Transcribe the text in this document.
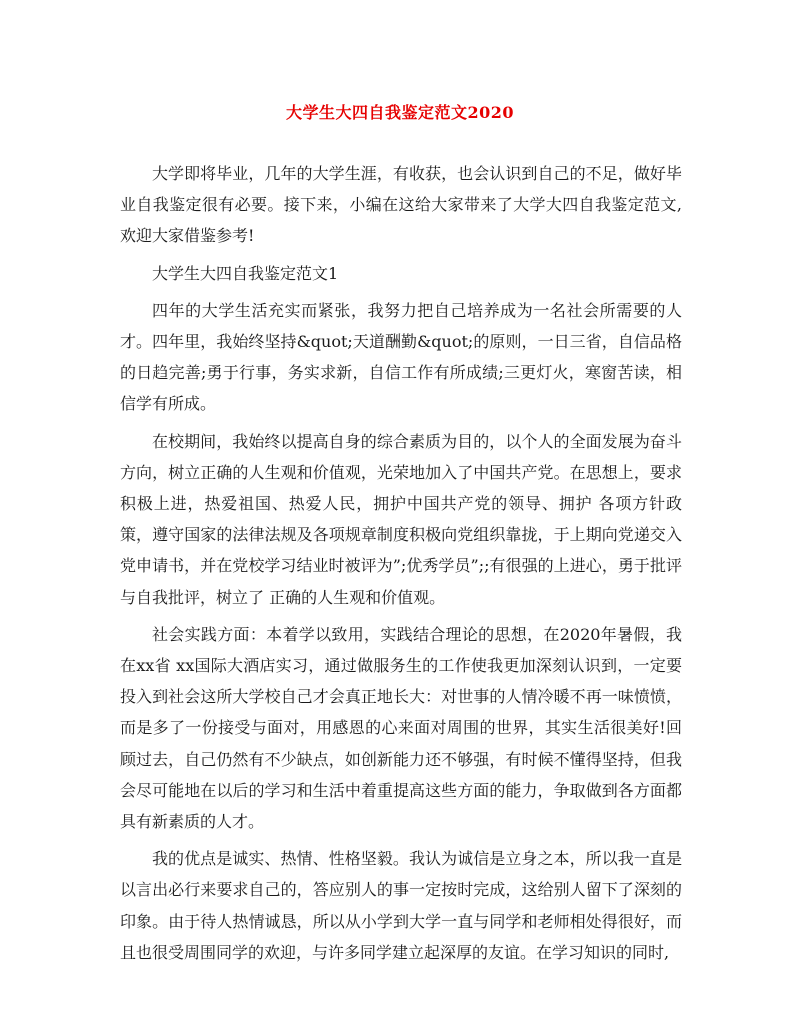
大学生大四自我鉴定范文2020

大学即将毕业，几年的大学生涯，有收获，也会认识到自己的不足，做好毕业自我鉴定很有必要。接下来，小编在这给大家带来了大学大四自我鉴定范文,欢迎大家借鉴参考!

大学生大四自我鉴定范文1

四年的大学生活充实而紧张，我努力把自己培养成为一名社会所需要的人才。四年里，我始终坚持&quot;天道酬勤&quot;的原则，一日三省，自信品格的日趋完善;勇于行事，务实求新，自信工作有所成绩;三更灯火，寒窗苦读，相信学有所成。

在校期间，我始终以提高自身的综合素质为目的，以个人的全面发展为奋斗方向，树立正确的人生观和价值观，光荣地加入了中国共产党。在思想上，要求积极上进，热爱祖国、热爱人民，拥护中国共产党的领导、拥护 各项方针政策，遵守国家的法律法规及各项规章制度积极向党组织靠拢，于上期向党递交入党申请书，并在党校学习结业时被评为”;优秀学员”;;有很强的上进心，勇于批评与自我批评，树立了 正确的人生观和价值观。

社会实践方面：本着学以致用，实践结合理论的思想，在2020年暑假，我在xx省 xx国际大酒店实习，通过做服务生的工作使我更加深刻认识到，一定要投入到社会这所大学校自己才会真正地长大：对世事的人情冷暖不再一味愤愤，而是多了一份接受与面对，用感恩的心来面对周围的世界，其实生活很美好!回顾过去，自己仍然有不少缺点，如创新能力还不够强，有时候不懂得坚持，但我会尽可能地在以后的学习和生活中着重提高这些方面的能力，争取做到各方面都具有新素质的人才。

我的优点是诚实、热情、性格坚毅。我认为诚信是立身之本，所以我一直是以言出必行来要求自己的，答应别人的事一定按时完成，这给别人留下了深刻的印象。由于待人热情诚恳，所以从小学到大学一直与同学和老师相处得很好，而且也很受周围同学的欢迎，与许多同学建立起深厚的友谊。在学习知识的同时,
